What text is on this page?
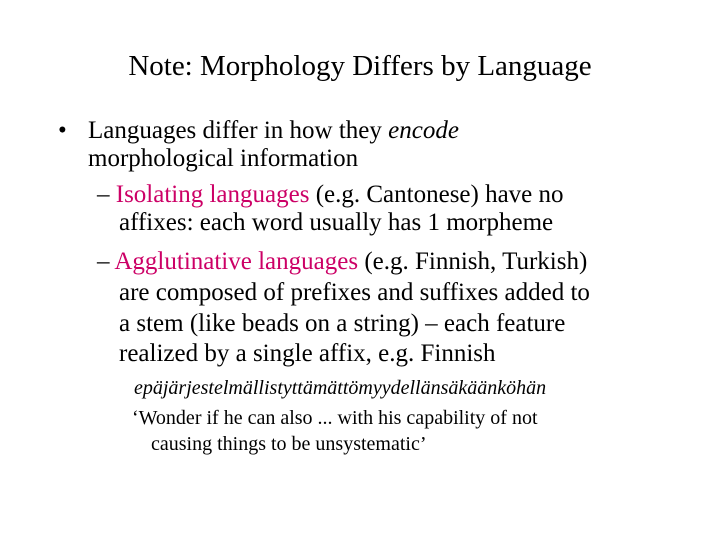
Note: Morphology Differs by Language
• Languages differ in how they encode
morphological information
– Isolating languages (e.g. Cantonese) have no
affixes: each word usually has 1 morpheme
– Agglutinative languages (e.g. Finnish, Turkish)
are composed of prefixes and suffixes added to
a stem (like beads on a string) – each feature
realized by a single affix, e.g. Finnish
epäjärjestelmällistyttämättömyydellänsäkäänköhän
‘Wonder if he can also ... with his capability of not
causing things to be unsystematic’
